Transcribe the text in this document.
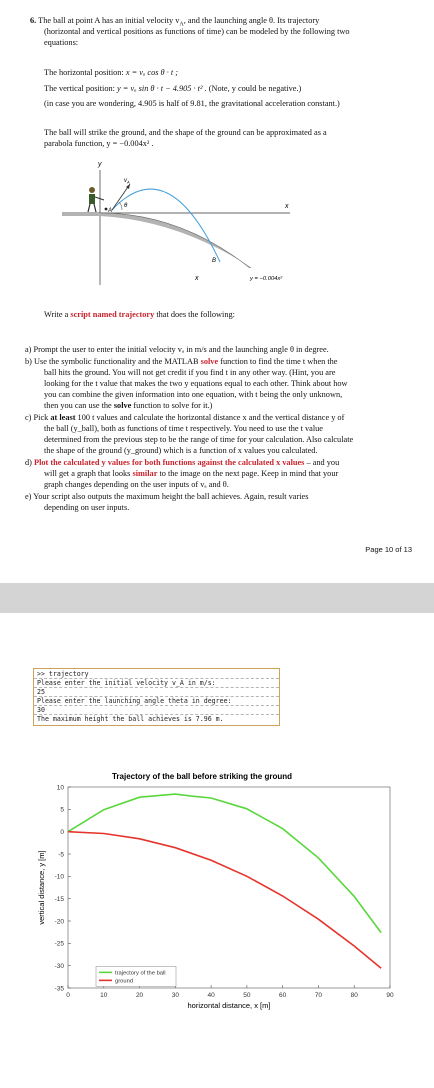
6. The ball at point A has an initial velocity $v_A$, and the launching angle θ. Its trajectory

(horizontal and vertical positions as functions of time) can be modeled by the following two

equations:

The horizontal position: x = vₐ cos θ · t ;

The vertical position: y = vₐ sin θ · t − 4.905 · t² . (Note, y could be negative.)

(in case you are wondering, 4.905 is half of 9.81, the gravitational acceleration constant.)

The ball will strike the ground, and the shape of the ground can be approximated as a

parabola function, y = −0.004x² .

y
x
x
$v_A$
θ
A
B
y = −0.004x²

Write a script named trajectory that does the following:

a) Prompt the user to enter the initial velocity vₐ in m/s and the launching angle θ in degree.

b) Use the symbolic functionality and the MATLAB solve function to find the time t when the

ball hits the ground. You will not get credit if you find t in any other way. (Hint, you are

looking for the t value that makes the two y equations equal to each other. Think about how

you can combine the given information into one equation, with t being the only unknown,

then you can use the solve function to solve for it.)

c) Pick at least 100 t values and calculate the horizontal distance x and the vertical distance y of

the ball (y_ball), both as functions of time t respectively. You need to use the t value

determined from the previous step to be the range of time for your calculation. Also calculate

the shape of the ground (y_ground) which is a function of x values you calculated.

d) Plot the calculated y values for both functions against the calculated x values – and you

will get a graph that looks similar to the image on the next page. Keep in mind that your

graph changes depending on the user inputs of vₐ and θ.

e) Your script also outputs the maximum height the ball achieves. Again, result varies

depending on user inputs.

Page 10 of 13
>> trajectory
Please enter the initial velocity v_A in m/s:
25
Please enter the launching angle theta in degree:
30
The maximum height the ball achieves is 7.96 m.
Trajectory of the ball before striking the ground
0	10	20	30	40	50	60	70	80	90
10
5
0
-5
-10
-15
-20
-25
-30
-35
horizontal distance, x [m]
vertical distance, y [m]
trajectory of the ball
ground
